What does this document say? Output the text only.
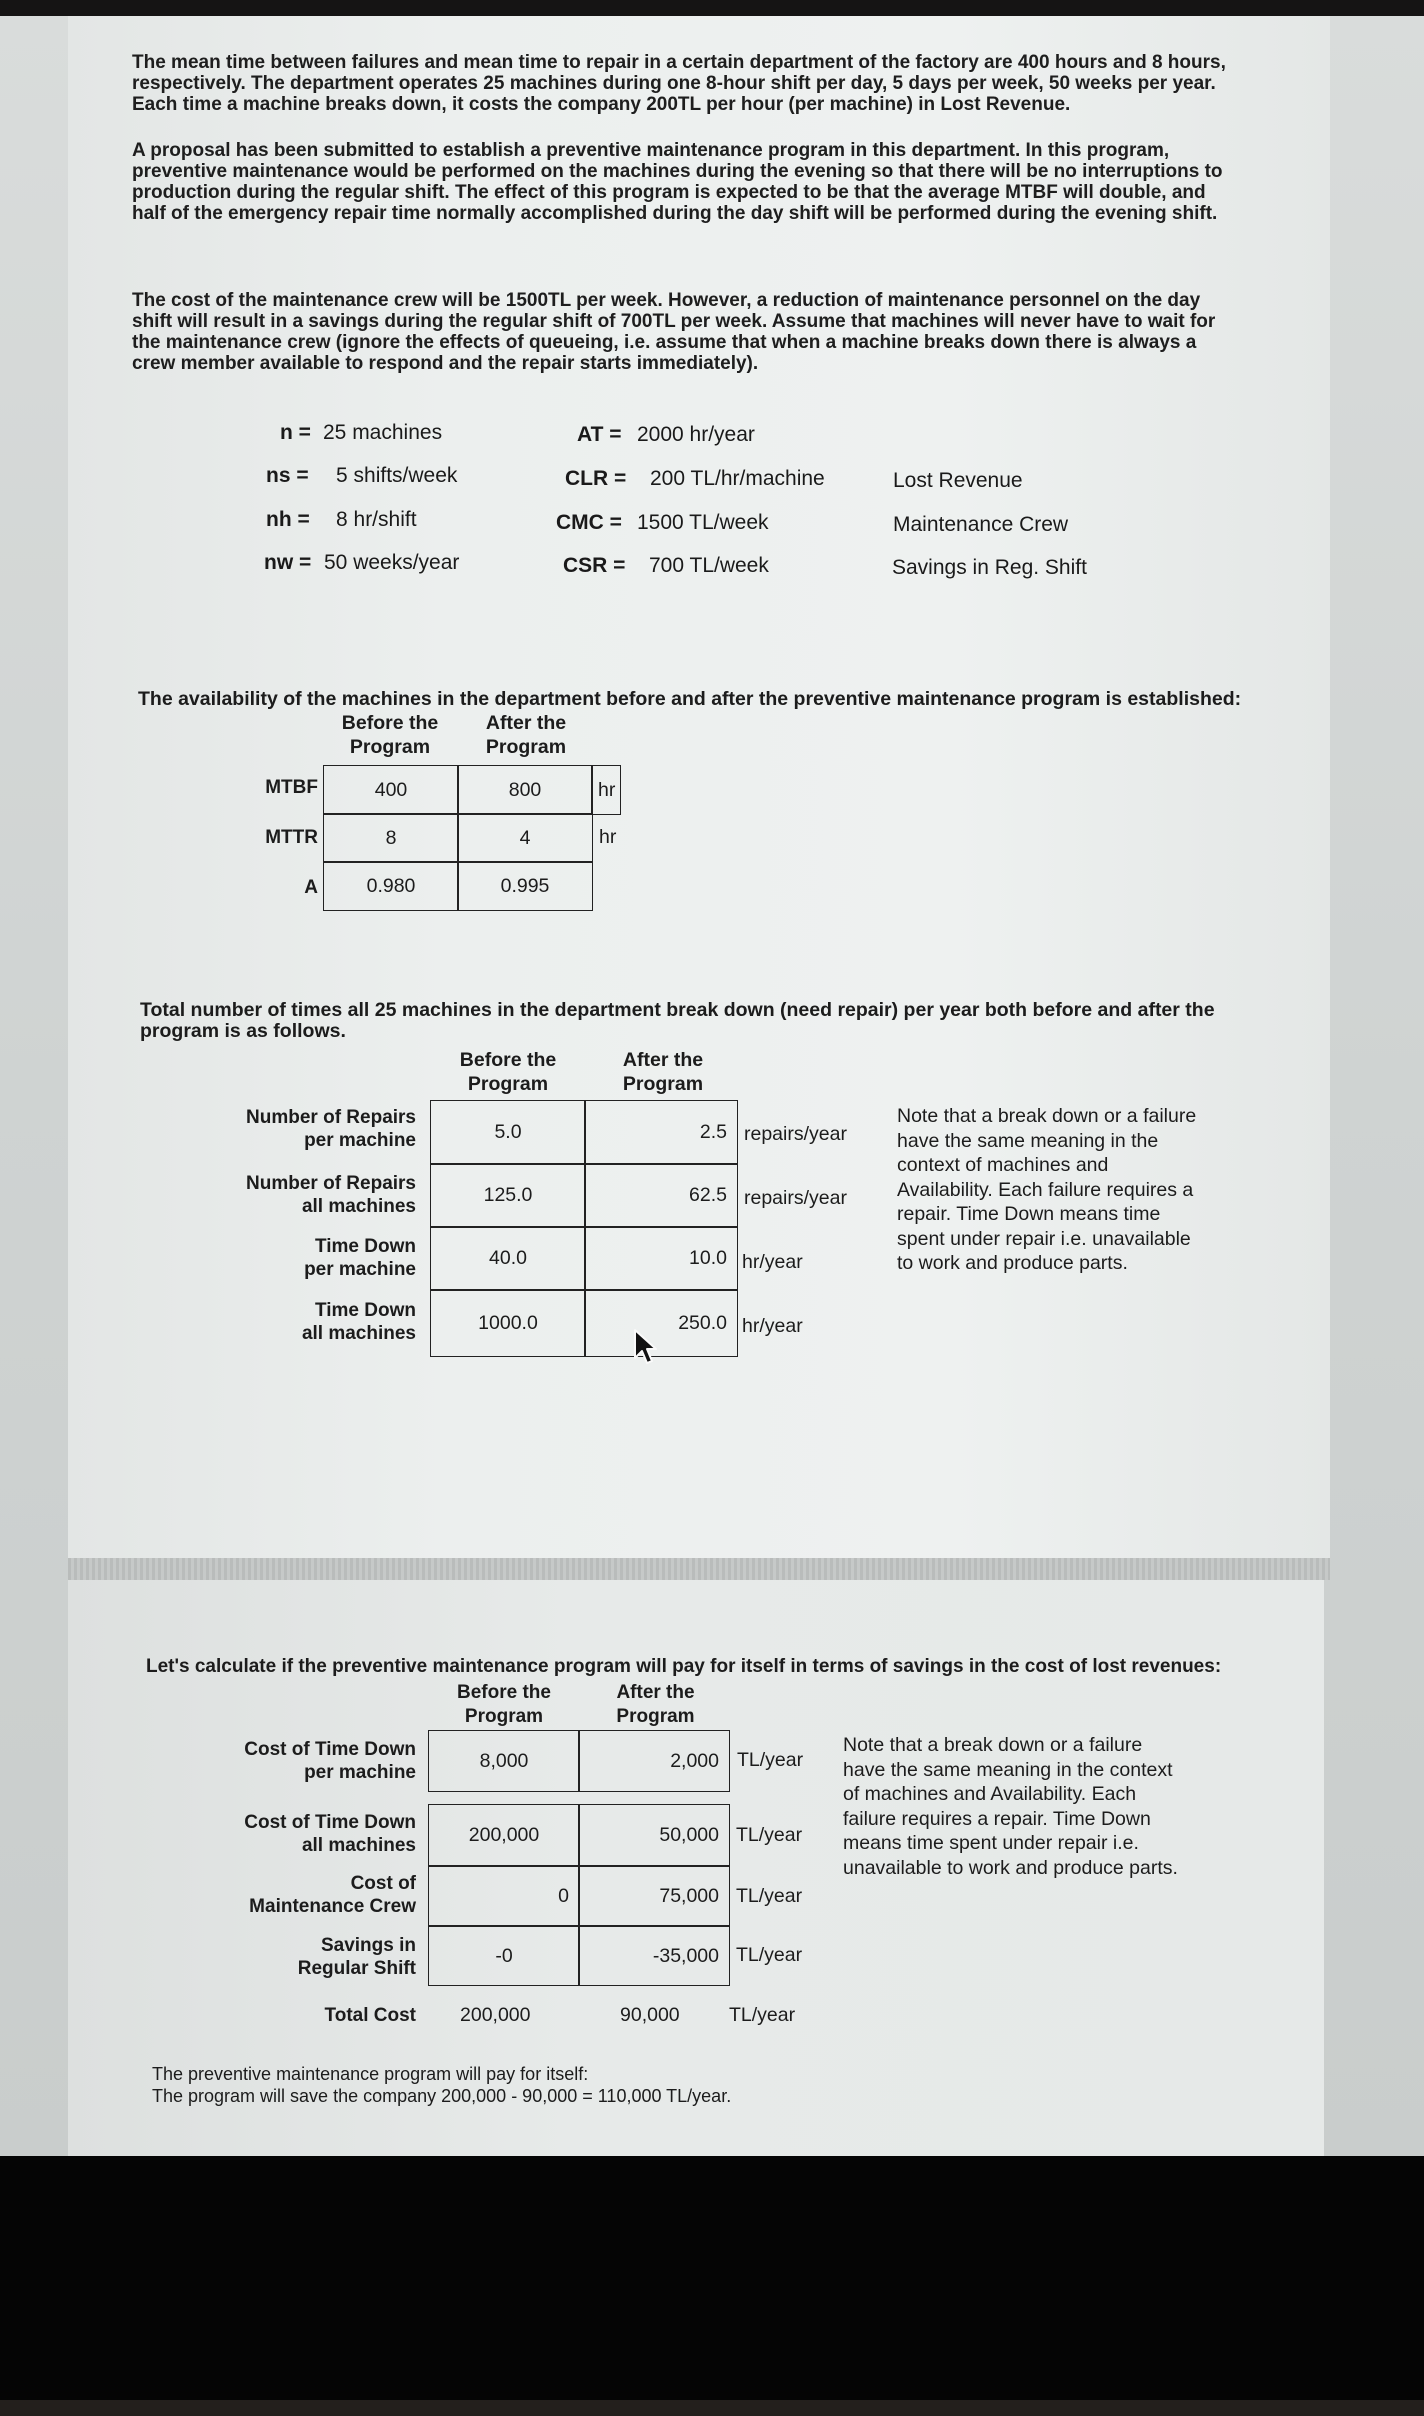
The mean time between failures and mean time to repair in a certain department of the factory are 400 hours and 8 hours, respectively. The department operates 25 machines during one 8-hour shift per day, 5 days per week, 50 weeks per year. Each time a machine breaks down, it costs the company 200TL per hour (per machine) in Lost Revenue.

A proposal has been submitted to establish a preventive maintenance program in this department. In this program, preventive maintenance would be performed on the machines during the evening so that there will be no interruptions to production during the regular shift. The effect of this program is expected to be that the average MTBF will double, and half of the emergency repair time normally accomplished during the day shift will be performed during the evening shift.

The cost of the maintenance crew will be 1500TL per week. However, a reduction of maintenance personnel on the day shift will result in a savings during the regular shift of 700TL per week. Assume that machines will never have to wait for the maintenance crew (ignore the effects of queueing, i.e. assume that when a machine breaks down there is always a crew member available to respond and the repair starts immediately).

n = 25 machines
ns = 5 shifts/week
nh = 8 hr/shift
nw = 50 weeks/year
AT = 2000 hr/year
CLR = 200 TL/hr/machine	Lost Revenue
CMC = 1500 TL/week	Maintenance Crew
CSR = 700 TL/week	Savings in Reg. Shift
The availability of the machines in the department before and after the preventive maintenance program is established:
Before the
Program
After the
Program
MTBF	400	800	hr
MTTR	8	4	hr
A	0.980	0.995
Total number of times all 25 machines in the department break down (need repair) per year both before and after the program is as follows.
Before the
Program
After the
Program
Number of Repairs
per machine	5.0	2.5 repairs/year
Number of Repairs
all machines
125.0	62.5 repairs/year
Time Down
per machine
40.0	10.0 hr/year
Time Down
all machines	1000.0	250.0 hr/year
Note that a break down or a failure have the same meaning in the context of machines and Availability. Each failure requires a repair. Time Down means time spent under repair i.e. unavailable to work and produce parts.
Let's calculate if the preventive maintenance program will pay for itself in terms of savings in the cost of lost revenues:
Before the
Program
After the
Program
Cost of Time Down
per machine
8,000	2,000 TL/year
Cost of Time Down
all machines	200,000	50,000 TL/year
Cost of
Maintenance Crew	0	75,000 TL/year
Savings in
Regular Shift
-0	-35,000 TL/year
Total Cost 200,000	90,000	TL/year
Note that a break down or a failure have the same meaning in the context of machines and Availability. Each failure requires a repair. Time Down means time spent under repair i.e. unavailable to work and produce parts.
The preventive maintenance program will pay for itself:
The program will save the company 200,000 - 90,000 = 110,000 TL/year.
